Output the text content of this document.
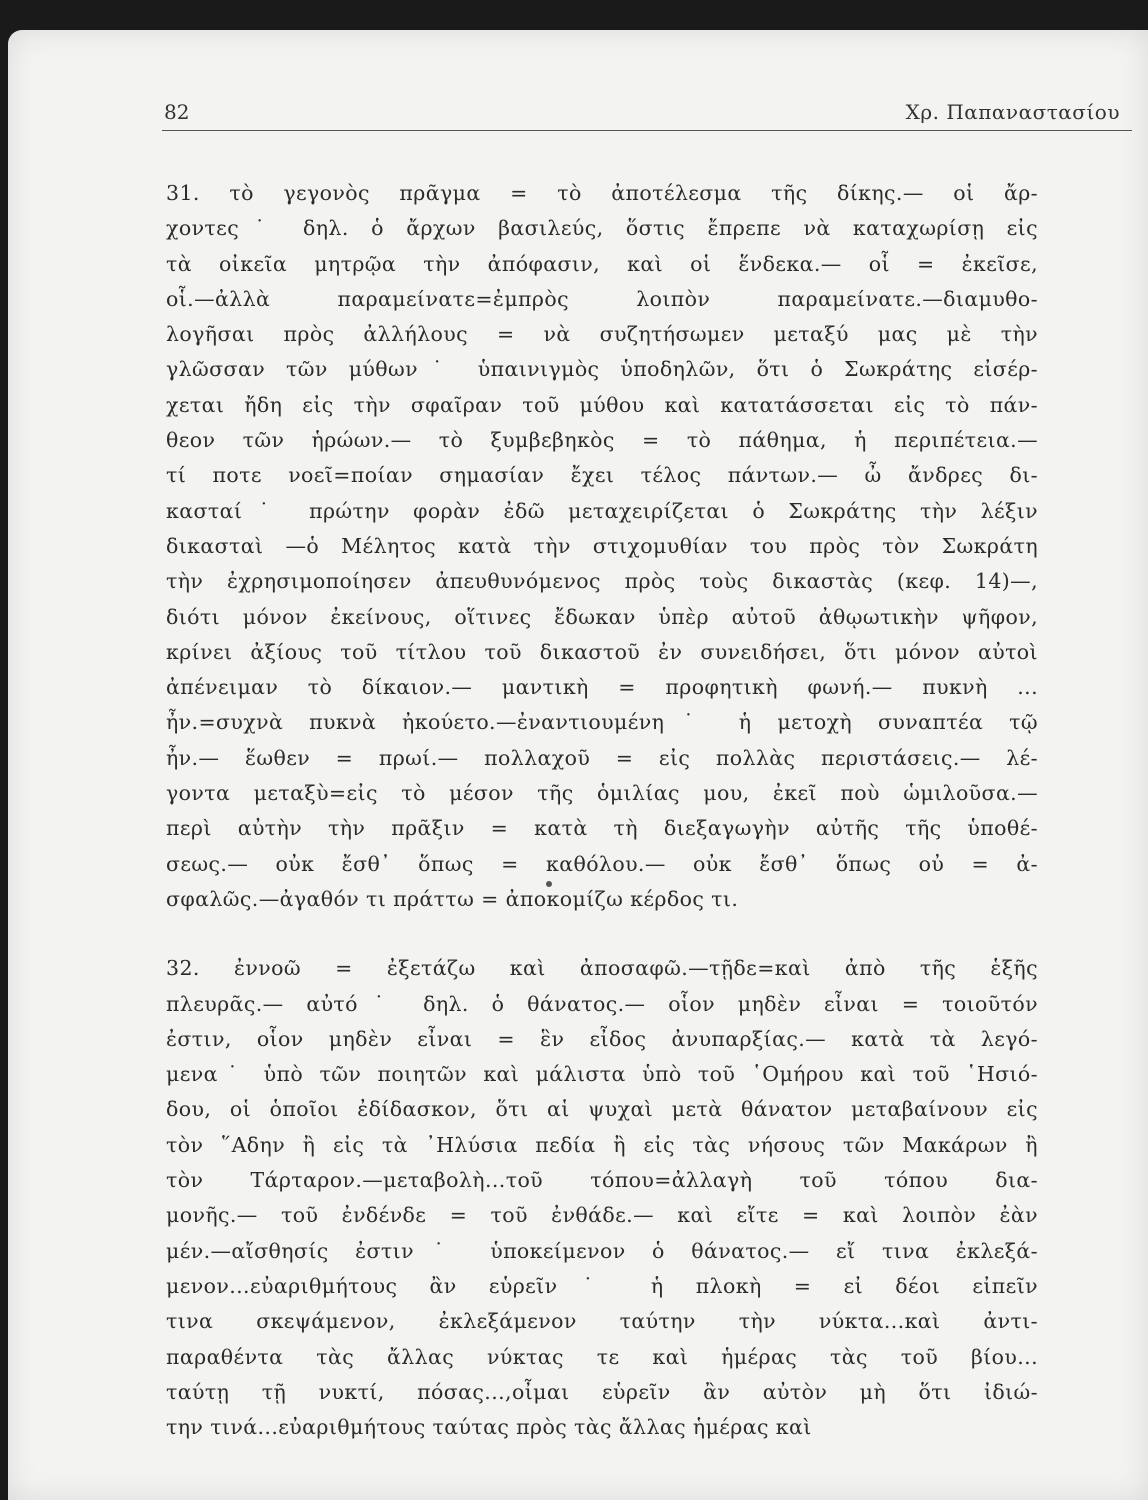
82	Χρ. Παπαναστασίου
31. τὸ γεγονὸς πρᾶγμα = τὸ ἀποτέλεσμα τῆς δίκης.— οἱ ἄρ-
χοντες˙ δηλ. ὁ ἄρχων βασιλεύς, ὅστις ἔπρεπε νὰ καταχωρίσῃ εἰς
τὰ οἰκεῖα μητρῷα τὴν ἀπόφασιν, καὶ οἱ ἕνδεκα.— οἷ = ἐκεῖσε,
οἷ.—ἀλλὰ παραμείνατε=ἐμπρὸς λοιπὸν παραμείνατε.—διαμυθο-
λογῆσαι πρὸς ἀλλήλους = νὰ συζητήσωμεν μεταξύ μας μὲ τὴν
γλῶσσαν τῶν μύθων˙ ὑπαινιγμὸς ὑποδηλῶν, ὅτι ὁ Σωκράτης εἰσέρ-
χεται ἤδη εἰς τὴν σφαῖραν τοῦ μύθου καὶ κατατάσσεται εἰς τὸ πάν-
θεον τῶν ἡρώων.— τὸ ξυμβεβηκὸς = τὸ πάθημα, ἡ περιπέτεια.—
τί ποτε νοεῖ=ποίαν σημασίαν ἔχει τέλος πάντων.— ὦ ἄνδρες δι-
κασταί˙ πρώτην φορὰν ἐδῶ μεταχειρίζεται ὁ Σωκράτης τὴν λέξιν
δικασταὶ —ὁ Μέλητος κατὰ τὴν στιχομυθίαν του πρὸς τὸν Σωκράτη
τὴν ἐχρησιμοποίησεν ἀπευθυνόμενος πρὸς τοὺς δικαστὰς (κεφ. 14)—,
διότι μόνον ἐκείνους, οἵτινες ἔδωκαν ὑπὲρ αὐτοῦ ἀθῳωτικὴν ψῆφον,
κρίνει ἀξίους τοῦ τίτλου τοῦ δικαστοῦ ἐν συνειδήσει, ὅτι μόνον αὐτοὶ
ἀπένειμαν τὸ δίκαιον.— μαντικὴ = προφητικὴ φωνή.— πυκνὴ ...
ἦν.=συχνὰ πυκνὰ ἠκούετο.—ἐναντιουμένη˙ ἡ μετοχὴ συναπτέα τῷ
ἦν.— ἕωθεν = πρωί.— πολλαχοῦ = εἰς πολλὰς περιστάσεις.— λέ-
γοντα μεταξὺ=εἰς τὸ μέσον τῆς ὁμιλίας μου, ἐκεῖ ποὺ ὡμιλοῦσα.—
περὶ αὐτὴν τὴν πρᾶξιν = κατὰ τὴ διεξαγωγὴν αὐτῆς τῆς ὑποθέ-
σεως.— οὐκ ἔσθ᾽ ὅπως = καθόλου.— οὐκ ἔσθ᾽ ὅπως οὐ = ἀ-
σφαλῶς.—ἀγαθόν τι πράττω = ἀποκομίζω κέρδος τι.
32. ἐννοῶ = ἐξετάζω καὶ ἀποσαφῶ.—τῇδε=καὶ ἀπὸ τῆς ἑξῆς
πλευρᾶς.— αὐτό˙ δηλ. ὁ θάνατος.— οἷον μηδὲν εἶναι = τοιοῦτόν
ἐστιν, οἷον μηδὲν εἶναι = ἓν εἶδος ἀνυπαρξίας.— κατὰ τὰ λεγό-
μενα˙ ὑπὸ τῶν ποιητῶν καὶ μάλιστα ὑπὸ τοῦ ῾Ομήρου καὶ τοῦ ῾Ησιό-
δου, οἱ ὁποῖοι ἐδίδασκον, ὅτι αἱ ψυχαὶ μετὰ θάνατον μεταβαίνουν εἰς
τὸν ῞Αδην ἢ εἰς τὰ ᾿Ηλύσια πεδία ἢ εἰς τὰς νήσους τῶν Μακάρων ἢ
τὸν Τάρταρον.—μεταβολὴ...τοῦ τόπου=ἀλλαγὴ τοῦ τόπου δια-
μονῆς.— τοῦ ἐνδένδε = τοῦ ἐνθάδε.— καὶ εἴτε = καὶ λοιπὸν ἐὰν
μέν.—αἴσθησίς ἐστιν˙ ὑποκείμενον ὁ θάνατος.— εἴ τινα ἐκλεξά-
μενον...εὐαριθμήτους ἂν εὑρεῖν˙ ἡ πλοκὴ = εἰ δέοι εἰπεῖν
τινα σκεψάμενον, ἐκλεξάμενον ταύτην τὴν νύκτα...καὶ ἀντι-
παραθέντα τὰς ἄλλας νύκτας τε καὶ ἡμέρας τὰς τοῦ βίου...
ταύτῃ τῇ νυκτί, πόσας...,οἶμαι εὑρεῖν ἂν αὐτὸν μὴ ὅτι ἰδιώ-
την τινά...εὐαριθμήτους ταύτας πρὸς τὰς ἄλλας ἡμέρας καὶ
